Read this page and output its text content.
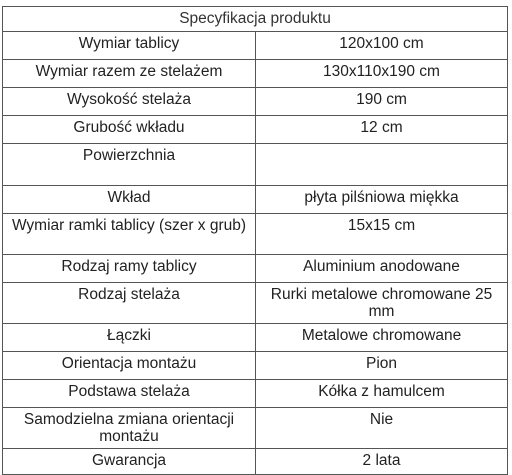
Specyfikacja produktu	
Wymiar tablicy	120x100 cm
Wymiar razem ze stelażem	130x110x190 cm
Wysokość stelaża	190 cm
Grubość wkładu	12 cm
Powierzchnia	
Wkład	płyta pilśniowa miękka
Wymiar ramki tablicy (szer x grub)	15x15 cm
Rodzaj ramy tablicy	Aluminium anodowane
Rodzaj stelaża	Rurki metalowe chromowane 25 mm
Łączki	Metalowe chromowane
Orientacja montażu	Pion
Podstawa stelaża	Kółka z hamulcem
Samodzielna zmiana orientacji montażu	Nie
Gwarancja	2 lata
